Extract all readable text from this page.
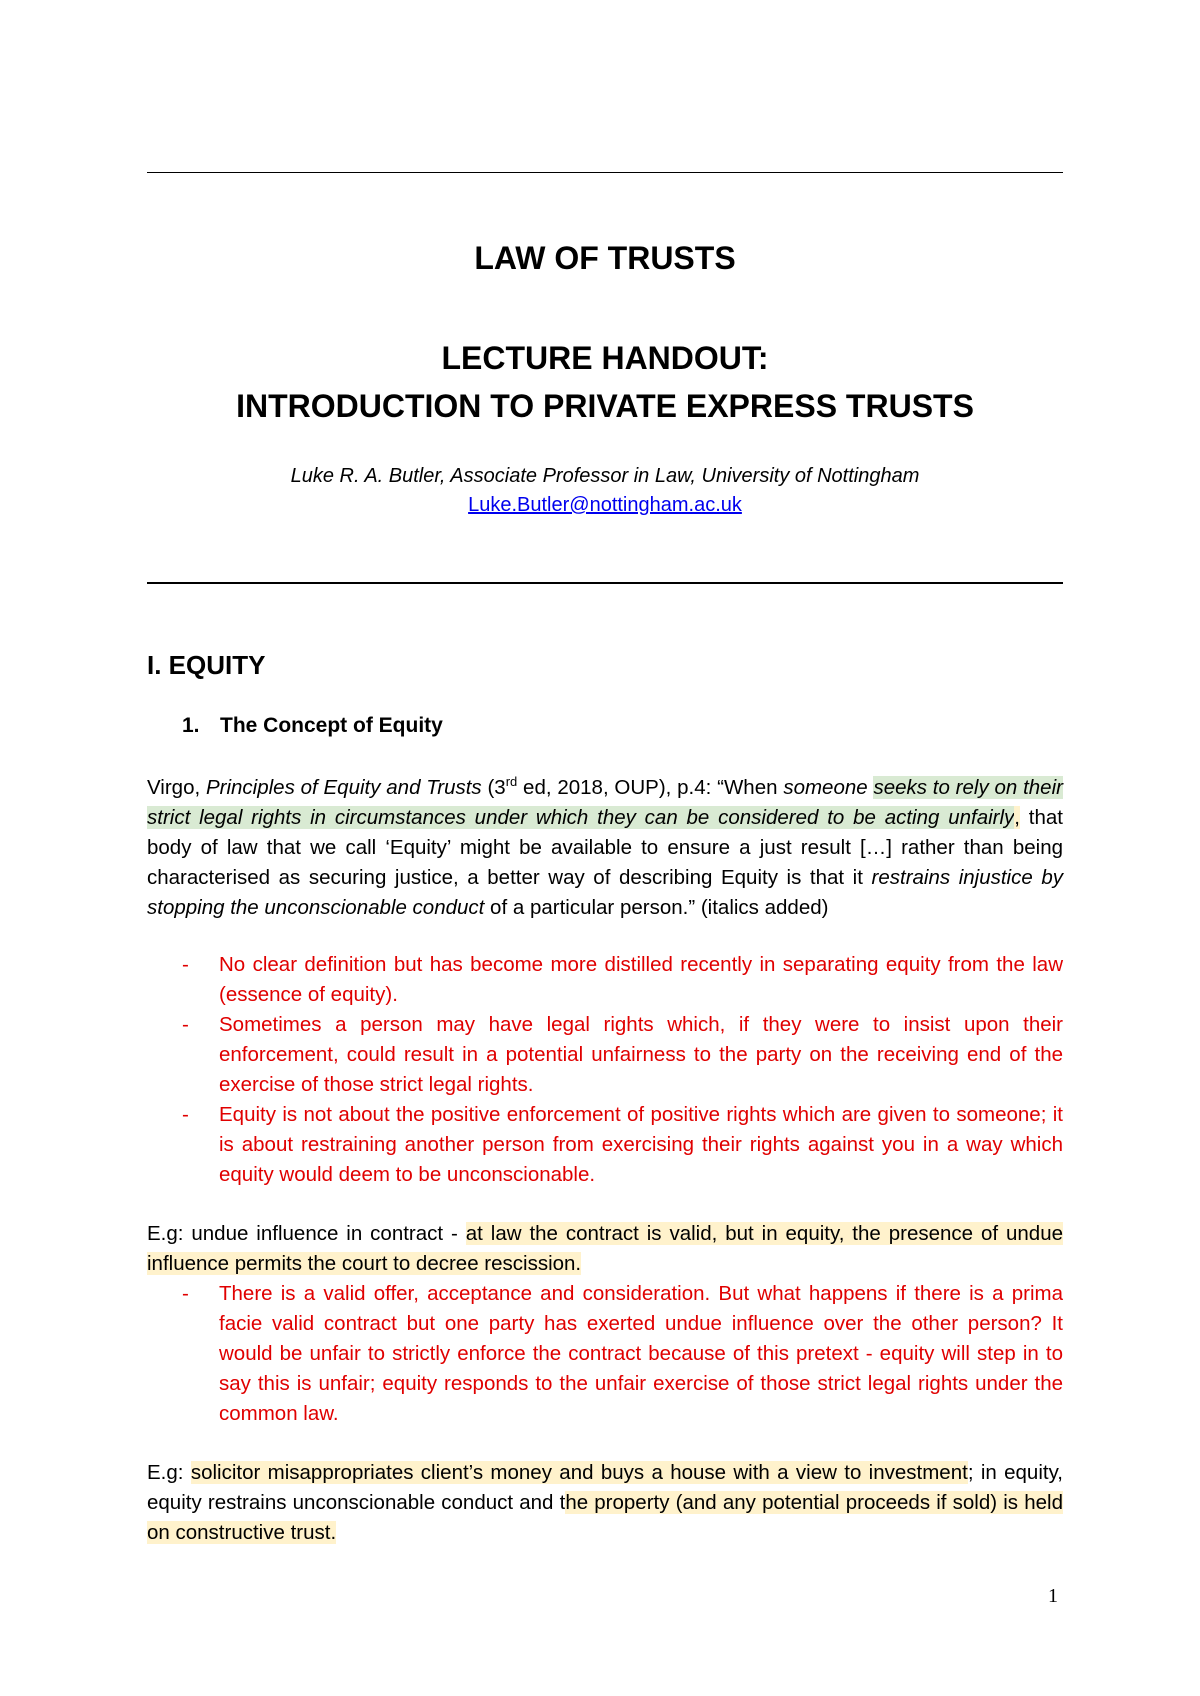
LAW OF TRUSTS
LECTURE HANDOUT:
INTRODUCTION TO PRIVATE EXPRESS TRUSTS
Luke R. A. Butler, Associate Professor in Law, University of Nottingham
Luke.Butler@nottingham.ac.uk
I. EQUITY
1. The Concept of Equity
Virgo, Principles of Equity and Trusts (3rd ed, 2018, OUP), p.4: “When someone seeks to rely on their strict legal rights in circumstances under which they can be considered to be acting unfairly, that body of law that we call ‘Equity’ might be available to ensure a just result […] rather than being characterised as securing justice, a better way of describing Equity is that it restrains injustice by stopping the unconscionable conduct of a particular person.” (italics added)
- No clear definition but has become more distilled recently in separating equity from the law (essence of equity).
- Sometimes a person may have legal rights which, if they were to insist upon their enforcement, could result in a potential unfairness to the party on the receiving end of the exercise of those strict legal rights.
- Equity is not about the positive enforcement of positive rights which are given to someone; it is about restraining another person from exercising their rights against you in a way which equity would deem to be unconscionable.
E.g: undue influence in contract - at law the contract is valid, but in equity, the presence of undue influence permits the court to decree rescission.
- There is a valid offer, acceptance and consideration. But what happens if there is a prima facie valid contract but one party has exerted undue influence over the other person? It would be unfair to strictly enforce the contract because of this pretext - equity will step in to say this is unfair; equity responds to the unfair exercise of those strict legal rights under the common law.
E.g: solicitor misappropriates client’s money and buys a house with a view to investment; in equity, equity restrains unconscionable conduct and the property (and any potential proceeds if sold) is held on constructive trust.
1
